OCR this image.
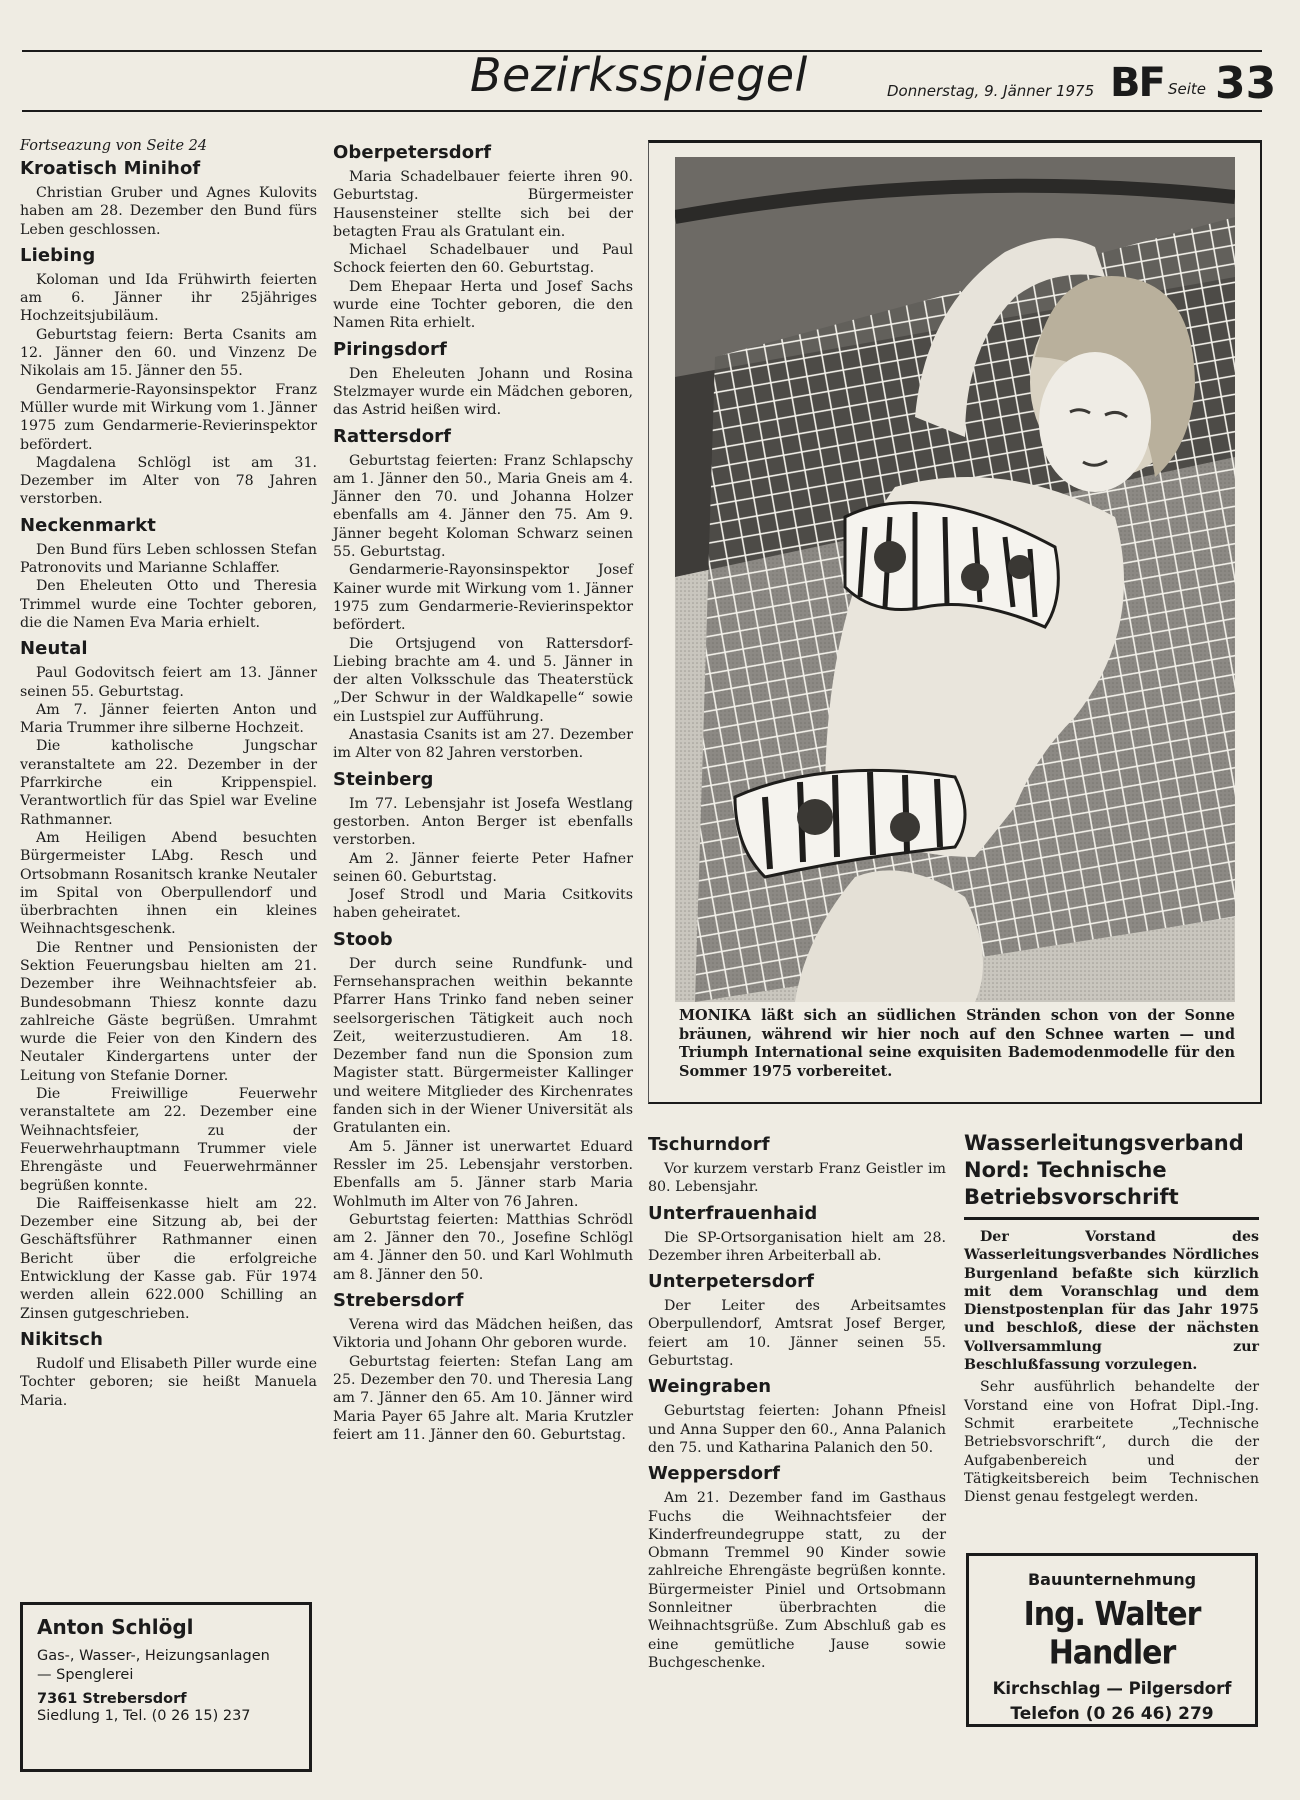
Bezirksspiegel	Donnerstag, 9. Jänner 1975 BF Seite 33
Fortseazung von Seite 24
Kroatisch Minihof
Christian Gruber und Agnes Kulovits haben am 28. Dezember den Bund fürs Leben geschlossen.
Liebing
Koloman und Ida Frühwirth feierten am 6. Jänner ihr 25jähriges Hochzeitsjubiläum.
Geburtstag feiern: Berta Csanits am 12. Jänner den 60. und Vinzenz De Nikolais am 15. Jänner den 55.
Gendarmerie-Rayonsinspektor Franz Müller wurde mit Wirkung vom 1. Jänner 1975 zum Gendarmerie-Revierinspektor befördert.
Magdalena Schlögl ist am 31. Dezember im Alter von 78 Jahren verstorben.
Neckenmarkt
Den Bund fürs Leben schlossen Stefan Patronovits und Marianne Schlaffer.
Den Eheleuten Otto und Theresia Trimmel wurde eine Tochter geboren, die die Namen Eva Maria erhielt.
Neutal
Paul Godovitsch feiert am 13. Jänner seinen 55. Geburtstag.
Am 7. Jänner feierten Anton und Maria Trummer ihre silberne Hochzeit.
Die katholische Jungschar veranstaltete am 22. Dezember in der Pfarrkirche ein Krippenspiel. Verantwortlich für das Spiel war Eveline Rathmanner.
Am Heiligen Abend besuchten Bürgermeister LAbg. Resch und Ortsobmann Rosanitsch kranke Neutaler im Spital von Oberpullendorf und überbrachten ihnen ein kleines Weihnachtsgeschenk.
Die Rentner und Pensionisten der Sektion Feuerungsbau hielten am 21. Dezember ihre Weihnachtsfeier ab. Bundesobmann Thiesz konnte dazu zahlreiche Gäste begrüßen. Umrahmt wurde die Feier von den Kindern des Neutaler Kindergartens unter der Leitung von Stefanie Dorner.
Die Freiwillige Feuerwehr veranstaltete am 22. Dezember eine Weihnachtsfeier, zu der Feuerwehrhauptmann Trummer viele Ehrengäste und Feuerwehrmänner begrüßen konnte.
Die Raiffeisenkasse hielt am 22. Dezember eine Sitzung ab, bei der Geschäftsführer Rathmanner einen Bericht über die erfolgreiche Entwicklung der Kasse gab. Für 1974 werden allein 622.000 Schilling an Zinsen gutgeschrieben.
Nikitsch
Rudolf und Elisabeth Piller wurde eine Tochter geboren; sie heißt Manuela Maria.
Anton Schlögl
Gas-, Wasser-, Heizungsanlagen
— Spenglerei
7361 Strebersdorf
Siedlung 1, Tel. (0 26 15) 237
Oberpetersdorf
Maria Schadelbauer feierte ihren 90. Geburtstag. Bürgermeister Hausensteiner stellte sich bei der betagten Frau als Gratulant ein.
Michael Schadelbauer und Paul Schock feierten den 60. Geburtstag.
Dem Ehepaar Herta und Josef Sachs wurde eine Tochter geboren, die den Namen Rita erhielt.
Piringsdorf
Den Eheleuten Johann und Rosina Stelzmayer wurde ein Mädchen geboren, das Astrid heißen wird.
Rattersdorf
Geburtstag feierten: Franz Schlapschy am 1. Jänner den 50., Maria Gneis am 4. Jänner den 70. und Johanna Holzer ebenfalls am 4. Jänner den 75. Am 9. Jänner begeht Koloman Schwarz seinen 55. Geburtstag.
Gendarmerie-Rayonsinspektor Josef Kainer wurde mit Wirkung vom 1. Jänner 1975 zum Gendarmerie-Revierinspektor befördert.
Die Ortsjugend von Rattersdorf-Liebing brachte am 4. und 5. Jänner in der alten Volksschule das Theaterstück „Der Schwur in der Waldkapelle“ sowie ein Lustspiel zur Aufführung.
Anastasia Csanits ist am 27. Dezember im Alter von 82 Jahren verstorben.
Steinberg
Im 77. Lebensjahr ist Josefa Westlang gestorben. Anton Berger ist ebenfalls verstorben.
Am 2. Jänner feierte Peter Hafner seinen 60. Geburtstag.
Josef Strodl und Maria Csitkovits haben geheiratet.
Stoob
Der durch seine Rundfunk- und Fernsehansprachen weithin bekannte Pfarrer Hans Trinko fand neben seiner seelsorgerischen Tätigkeit auch noch Zeit, weiterzustudieren. Am 18. Dezember fand nun die Sponsion zum Magister statt. Bürgermeister Kallinger und weitere Mitglieder des Kirchenrates fanden sich in der Wiener Universität als Gratulanten ein.
Am 5. Jänner ist unerwartet Eduard Ressler im 25. Lebensjahr verstorben. Ebenfalls am 5. Jänner starb Maria Wohlmuth im Alter von 76 Jahren.
Geburtstag feierten: Matthias Schrödl am 2. Jänner den 70., Josefine Schlögl am 4. Jänner den 50. und Karl Wohlmuth am 8. Jänner den 50.
Strebersdorf
Verena wird das Mädchen heißen, das Viktoria und Johann Ohr geboren wurde.
Geburtstag feierten: Stefan Lang am 25. Dezember den 70. und Theresia Lang am 7. Jänner den 65. Am 10. Jänner wird Maria Payer 65 Jahre alt. Maria Krutzler feiert am 11. Jänner den 60. Geburtstag.
MONIKA läßt sich an südlichen Stränden schon von der Sonne bräunen, während wir hier noch auf den Schnee warten — und Triumph International seine exquisiten Bademodenmodelle für den Sommer 1975 vorbereitet.
Tschurndorf
Vor kurzem verstarb Franz Geistler im 80. Lebensjahr.
Unterfrauenhaid
Die SP-Ortsorganisation hielt am 28. Dezember ihren Arbeiterball ab.
Unterpetersdorf
Der Leiter des Arbeitsamtes Oberpullendorf, Amtsrat Josef Berger, feiert am 10. Jänner seinen 55. Geburtstag.
Weingraben
Geburtstag feierten: Johann Pfneisl und Anna Supper den 60., Anna Palanich den 75. und Katharina Palanich den 50.
Weppersdorf
Am 21. Dezember fand im Gasthaus Fuchs die Weihnachtsfeier der Kinderfreundegruppe statt, zu der Obmann Tremmel 90 Kinder sowie zahlreiche Ehrengäste begrüßen konnte. Bürgermeister Piniel und Ortsobmann Sonnleitner überbrachten die Weihnachtsgrüße. Zum Abschluß gab es eine gemütliche Jause sowie Buchgeschenke.
Wasserleitungsverband Nord: Technische Betriebsvorschrift
Der Vorstand des Wasserleitungsverbandes Nördliches Burgenland befaßte sich kürzlich mit dem Voranschlag und dem Dienstpostenplan für das Jahr 1975 und beschloß, diese der nächsten Vollversammlung zur Beschlußfassung vorzulegen.
Sehr ausführlich behandelte der Vorstand eine von Hofrat Dipl.-Ing. Schmit erarbeitete „Technische Betriebsvorschrift“, durch die der Aufgabenbereich und der Tätigkeitsbereich beim Technischen Dienst genau festgelegt werden.
Bauunternehmung
Ing. Walter Handler
Kirchschlag — Pilgersdorf
Telefon (0 26 46) 279
